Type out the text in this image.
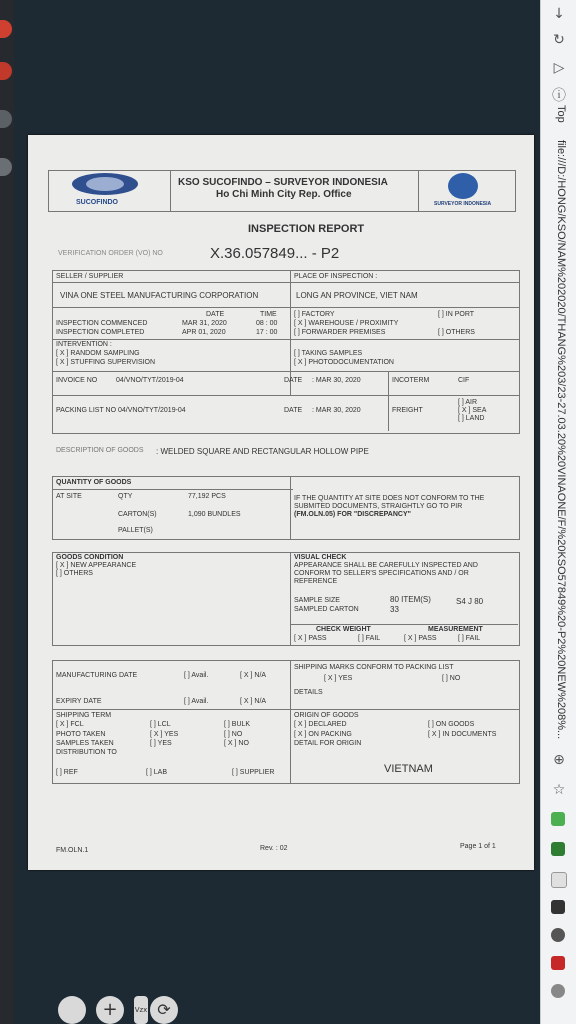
↓
↻
▷
ⓘ
Top
file:///D:/HONG/KSO/NAM%202020/THANG%203/23-27.03.20%20VINAONE/F/%20KSO57849%20-P2%20NEW%208%...
⊕
☆
SUCOFINDO
KSO SUCOFINDO – SURVEYOR INDONESIA
Ho Chi Minh City Rep. Office
SURVEYOR INDONESIA
INSPECTION REPORT
VERIFICATION ORDER (VO) NO	X.36.057849... - P2
SELLER / SUPPLIER	PLACE OF INSPECTION :
VINA ONE STEEL MANUFACTURING CORPORATION	LONG AN PROVINCE, VIET NAM
DATE	TIME
INSPECTION COMMENCED	MAR 31, 2020	08 : 00
INSPECTION COMPLETED	APR 01, 2020	17 : 00
[ ] FACTORY
[ X ] WAREHOUSE / PROXIMITY
[ ] FORWARDER PREMISES
[ ] IN PORT
[ ] OTHERS
INTERVENTION :
[ X ] RANDOM SAMPLING
[ X ] STUFFING SUPERVISION
[ ] TAKING SAMPLES
[ X ] PHOTODOCUMENTATION
INVOICE NO	04/VNO/TYT/2019-04	DATE : MAR 30, 2020	INCOTERM	CIF
PACKING LIST NO 04/VNO/TYT/2019-04	DATE : MAR 30, 2020	FREIGHT
[ ] AIR
[ X ] SEA
[ ] LAND
DESCRIPTION OF GOODS : WELDED SQUARE AND RECTANGULAR HOLLOW PIPE
QUANTITY OF GOODS
AT SITE	QTY	77,192 PCS
CARTON(S)	1,090 BUNDLES
PALLET(S)
IF THE QUANTITY AT SITE DOES NOT CONFORM TO THE
SUBMITED DOCUMENTS, STRAIGHTLY GO TO PIR
(FM.OLN.05) FOR "DISCREPANCY"
GOODS CONDITION
[ X ] NEW APPEARANCE
[ ] OTHERS
VISUAL CHECK
APPEARANCE SHALL BE CAREFULLY INSPECTED AND
CONFORM TO SELLER'S SPECIFICATIONS AND / OR
REFERENCE
SAMPLE SIZE	80 ITEM(S)	S4 J 80
SAMPLED CARTON	33
CHECK WEIGHT	MEASUREMENT
[ X ] PASS	[ ] FAIL	[ X ] PASS	[ ] FAIL
MANUFACTURING DATE	[ ] Avail.	[ X ] N/A
EXPIRY DATE	[ ] Avail.	[ X ] N/A
SHIPPING MARKS CONFORM TO PACKING LIST
[ X ] YES	[ ] NO
DETAILS
SHIPPING TERM
[ X ] FCL	[ ] LCL	[ ] BULK
PHOTO TAKEN	[ X ] YES	[ ] NO
SAMPLES TAKEN	[ ] YES	[ X ] NO
DISTRIBUTION TO
[ ] REF	[ ] LAB	[ ] SUPPLIER
ORIGIN OF GOODS
[ X ] DECLARED
[ X ] ON PACKING
[ ] ON GOODS
[ X ] IN DOCUMENTS
DETAIL FOR ORIGIN
VIETNAM
FM.OLN.1	Rev. : 02	Page 1 of 1
+	Vzx ⟳
